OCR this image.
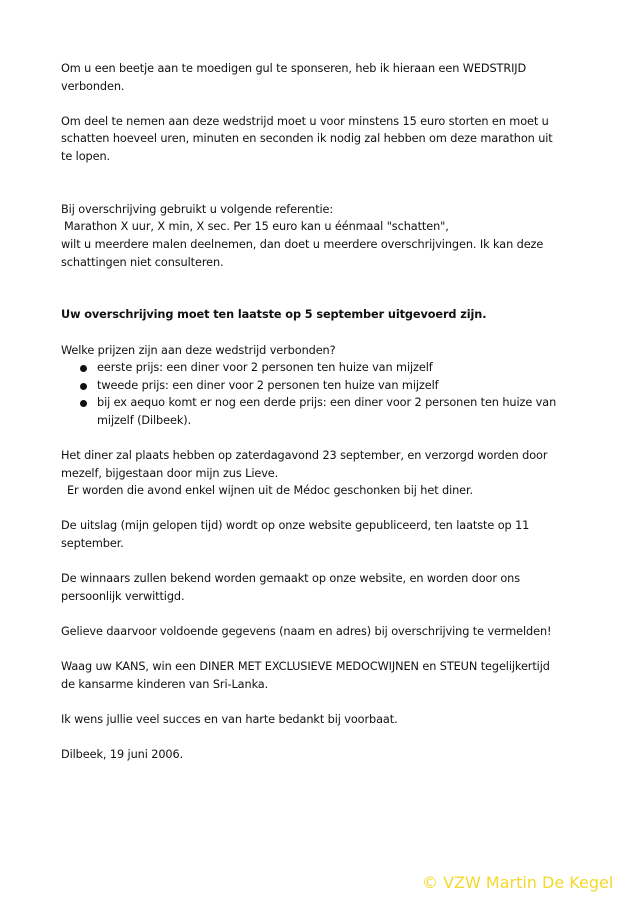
Om u een beetje aan te moedigen gul te sponseren, heb ik hieraan een WEDSTRIJD verbonden.

Om deel te nemen aan deze wedstrijd moet u voor minstens 15 euro storten en moet u schatten hoeveel uren, minuten en seconden ik nodig zal hebben om deze marathon uit te lopen.

Bij overschrijving gebruikt u volgende referentie:

Marathon X uur, X min, X sec. Per 15 euro kan u éénmaal "schatten",

wilt u meerdere malen deelnemen, dan doet u meerdere overschrijvingen. Ik kan deze schattingen niet consulteren.

Uw overschrijving moet ten laatste op 5 september uitgevoerd zijn.

Welke prijzen zijn aan deze wedstrijd verbonden?

eerste prijs: een diner voor 2 personen ten huize van mijzelf
tweede prijs: een diner voor 2 personen ten huize van mijzelf
bij ex aequo komt er nog een derde prijs: een diner voor 2 personen ten huize van mijzelf (Dilbeek).

Het diner zal plaats hebben op zaterdagavond 23 september, en verzorgd worden door mezelf, bijgestaan door mijn zus Lieve.

Er worden die avond enkel wijnen uit de Médoc geschonken bij het diner.

De uitslag (mijn gelopen tijd) wordt op onze website gepubliceerd, ten laatste op 11 september.

De winnaars zullen bekend worden gemaakt op onze website, en worden door ons persoonlijk verwittigd.

Gelieve daarvoor voldoende gegevens (naam en adres) bij overschrijving te vermelden!

Waag uw KANS, win een DINER MET EXCLUSIEVE MEDOCWIJNEN en STEUN tegelijkertijd de kansarme kinderen van Sri-Lanka.

Ik wens jullie veel succes en van harte bedankt bij voorbaat.

Dilbeek, 19 juni 2006.

© VZW Martin De Kegel
